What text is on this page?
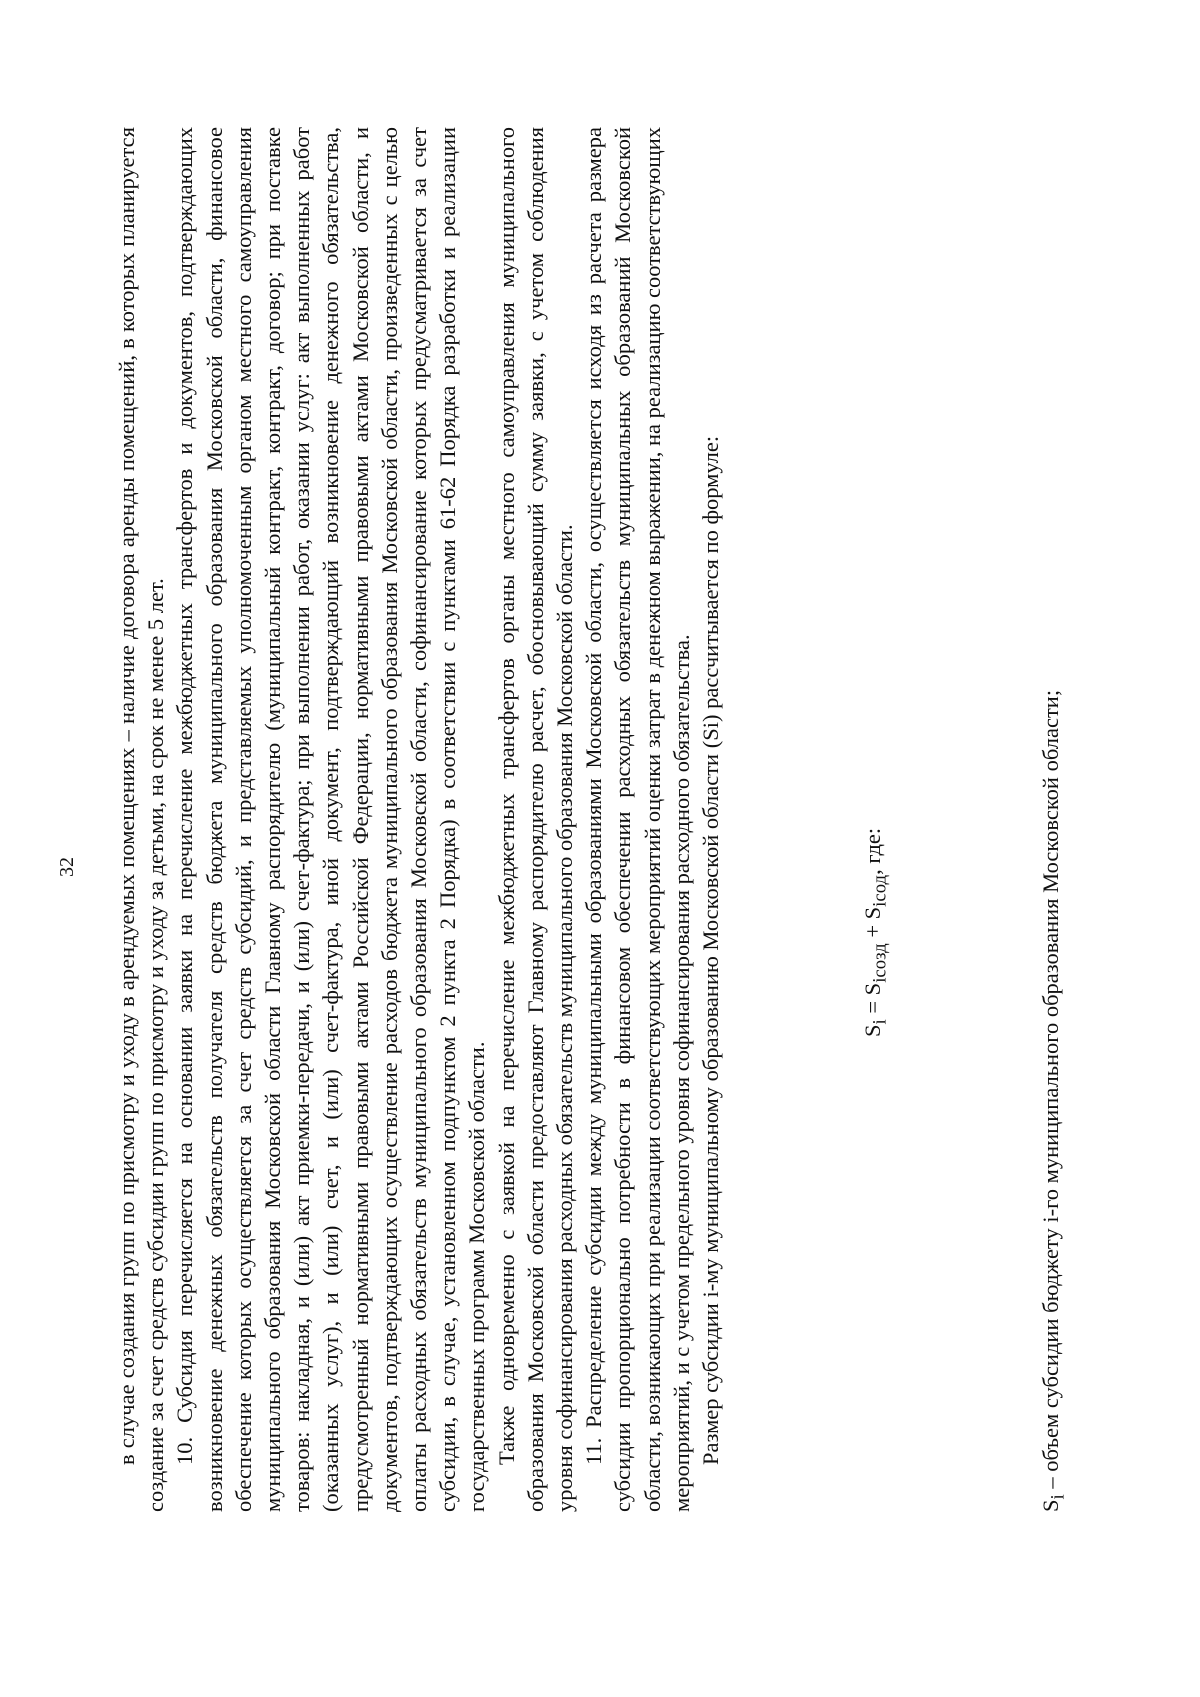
32 в случае создания групп по присмотру и уходу в арендуемых помещениях – наличие договора аренды помещений, в которых планируется создание за счет средств субсидии групп по присмотру и уходу за детьми, на срок не менее 5 лет. 10. Субсидия перечисляется на основании заявки на перечисление межбюджетных трансфертов и документов, подтверждающих возникновение денежных обязательств получателя средств бюджета муниципального образования Московской области, финансовое обеспечение которых осуществляется за счет средств субсидий, и представляемых уполномоченным органом местного самоуправления муниципального образования Московской области Главному распорядителю (муниципальный контракт, контракт, договор; при поставке товаров: накладная, и (или) акт приемки-передачи, и (или) счет-фактура; при выполнении работ, оказании услуг: акт выполненных работ (оказанных услуг), и (или) счет, и (или) счет-фактура, иной документ, подтверждающий возникновение денежного обязательства, предусмотренный нормативными правовыми актами Российской Федерации, нормативными правовыми актами Московской области, и документов, подтверждающих осуществление расходов бюджета муниципального образования Московской области, произведенных с целью оплаты расходных обязательств муниципального образования Московской области, софинансирование которых предусматривается за счет субсидии, в случае, установленном подпунктом 2 пункта 2 Порядка) в соответствии с пунктами 61-62 Порядка разработки и реализации государственных программ Московской области. Также одновременно с заявкой на перечисление межбюджетных трансфертов органы местного самоуправления муниципального образования Московской области предоставляют Главному распорядителю расчет, обосновывающий сумму заявки, с учетом соблюдения уровня софинансирования расходных обязательств муниципального образования Московской области. 11. Распределение субсидии между муниципальными образованиями Московской области, осуществляется исходя из расчета размера субсидии пропорционально потребности в финансовом обеспечении расходных обязательств муниципальных образований Московской области, возникающих при реализации соответствующих мероприятий оценки затрат в денежном выражении, на реализацию соответствующих мероприятий, и с учетом предельного уровня софинансирования расходного обязательства. Размер субсидии i-му муниципальному образованию Московской области (Si) рассчитывается по формуле:	$S_i = S_{iсозд} + S_{iсод}$, где:
$S_i$ – объем субсидии бюджету i-го муниципального образования Московской области;
